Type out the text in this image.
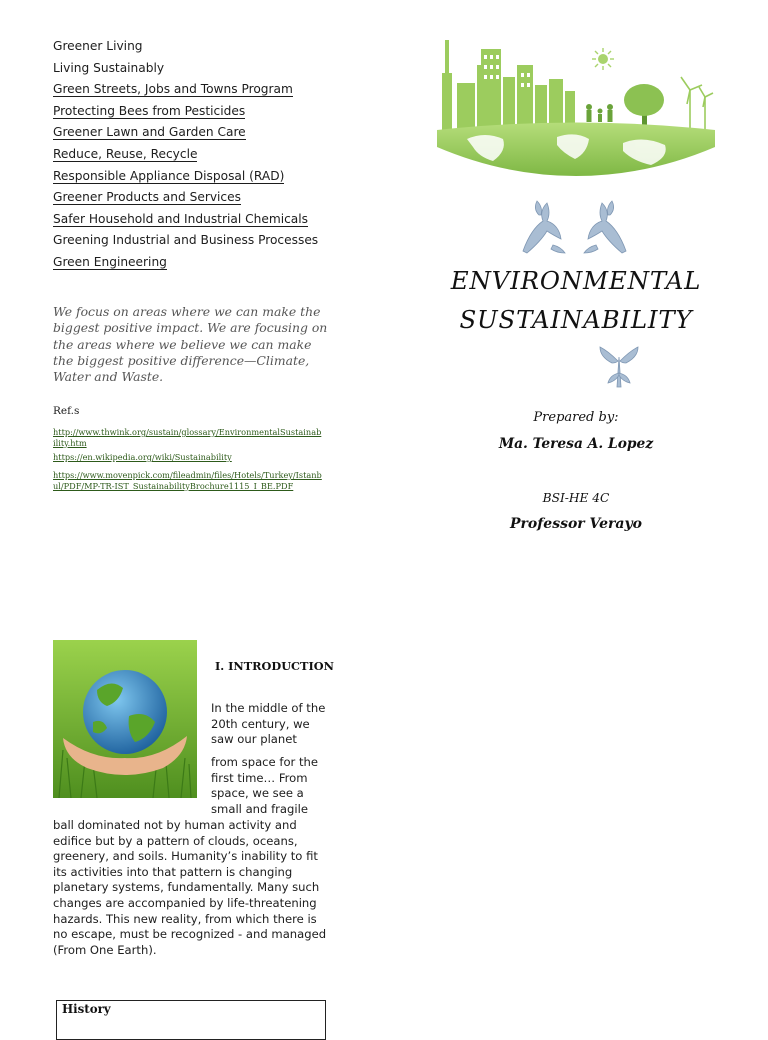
Greener Living
Living Sustainably
Green Streets, Jobs and Towns Program
Protecting Bees from Pesticides
Greener Lawn and Garden Care
Reduce, Reuse, Recycle
Responsible Appliance Disposal (RAD)
Greener Products and Services
Safer Household and Industrial Chemicals
Greening Industrial and Business Processes
Green Engineering
We focus on areas where we can make the biggest positive impact. We are focusing on the areas where we believe we can make the biggest positive difference—Climate, Water and Waste.
Ref.s
http://www.thwink.org/sustain/glossary/EnvironmentalSustainability.htm
https://en.wikipedia.org/wiki/Sustainability
https://www.movenpick.com/fileadmin/files/Hotels/Turkey/Istanbul/PDF/MP-TR-IST_SustainabilityBrochure1115_I_BE.PDF
ENVIRONMENTAL
SUSTAINABILITY
Prepared by:
Ma. Teresa A. Lopez
BSI-HE 4C
Professor Verayo
I. INTRODUCTION
In the middle of the 20th century, we saw our planet
from space for the first time… From space, we see a small and fragile
ball dominated not by human activity and edifice but by a pattern of clouds, oceans, greenery, and soils. Humanity’s inability to fit its activities into that pattern is changing planetary systems, fundamentally. Many such changes are accompanied by life-threatening hazards. This new reality, from which there is no escape, must be recognized - and managed (From One Earth).
History
